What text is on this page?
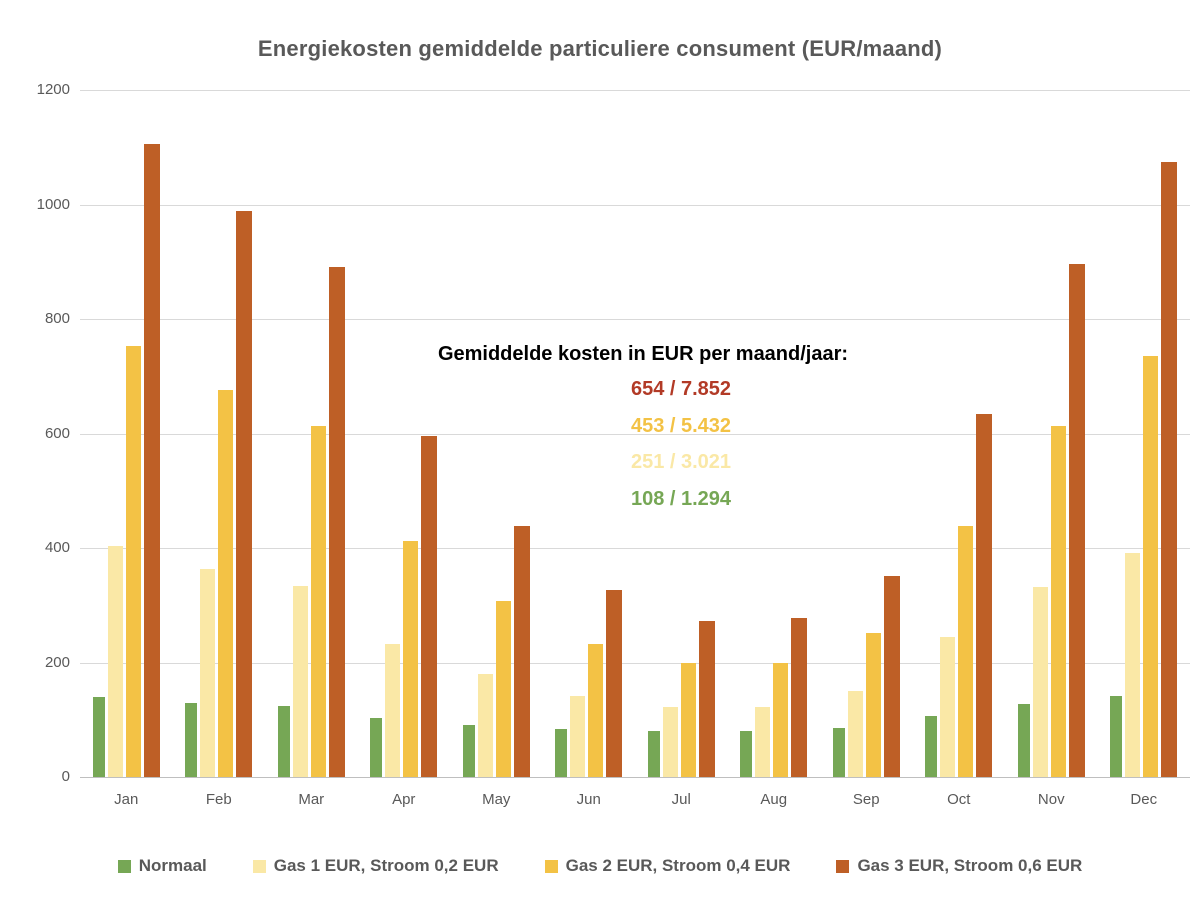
Energiekosten gemiddelde particuliere consument (EUR/maand)
0
200
400
600
800
1000
1200
Jan	Feb	Mar	Apr	May	Jun	Jul	Aug	Sep	Oct	Nov	Dec
Gemiddelde kosten in EUR per maand/jaar:
654 / 7.852
453 / 5.432
251 / 3.021
108 / 1.294
Normaal	Gas 1 EUR, Stroom 0,2 EUR	Gas 2 EUR, Stroom 0,4 EUR	Gas 3 EUR, Stroom 0,6 EUR
